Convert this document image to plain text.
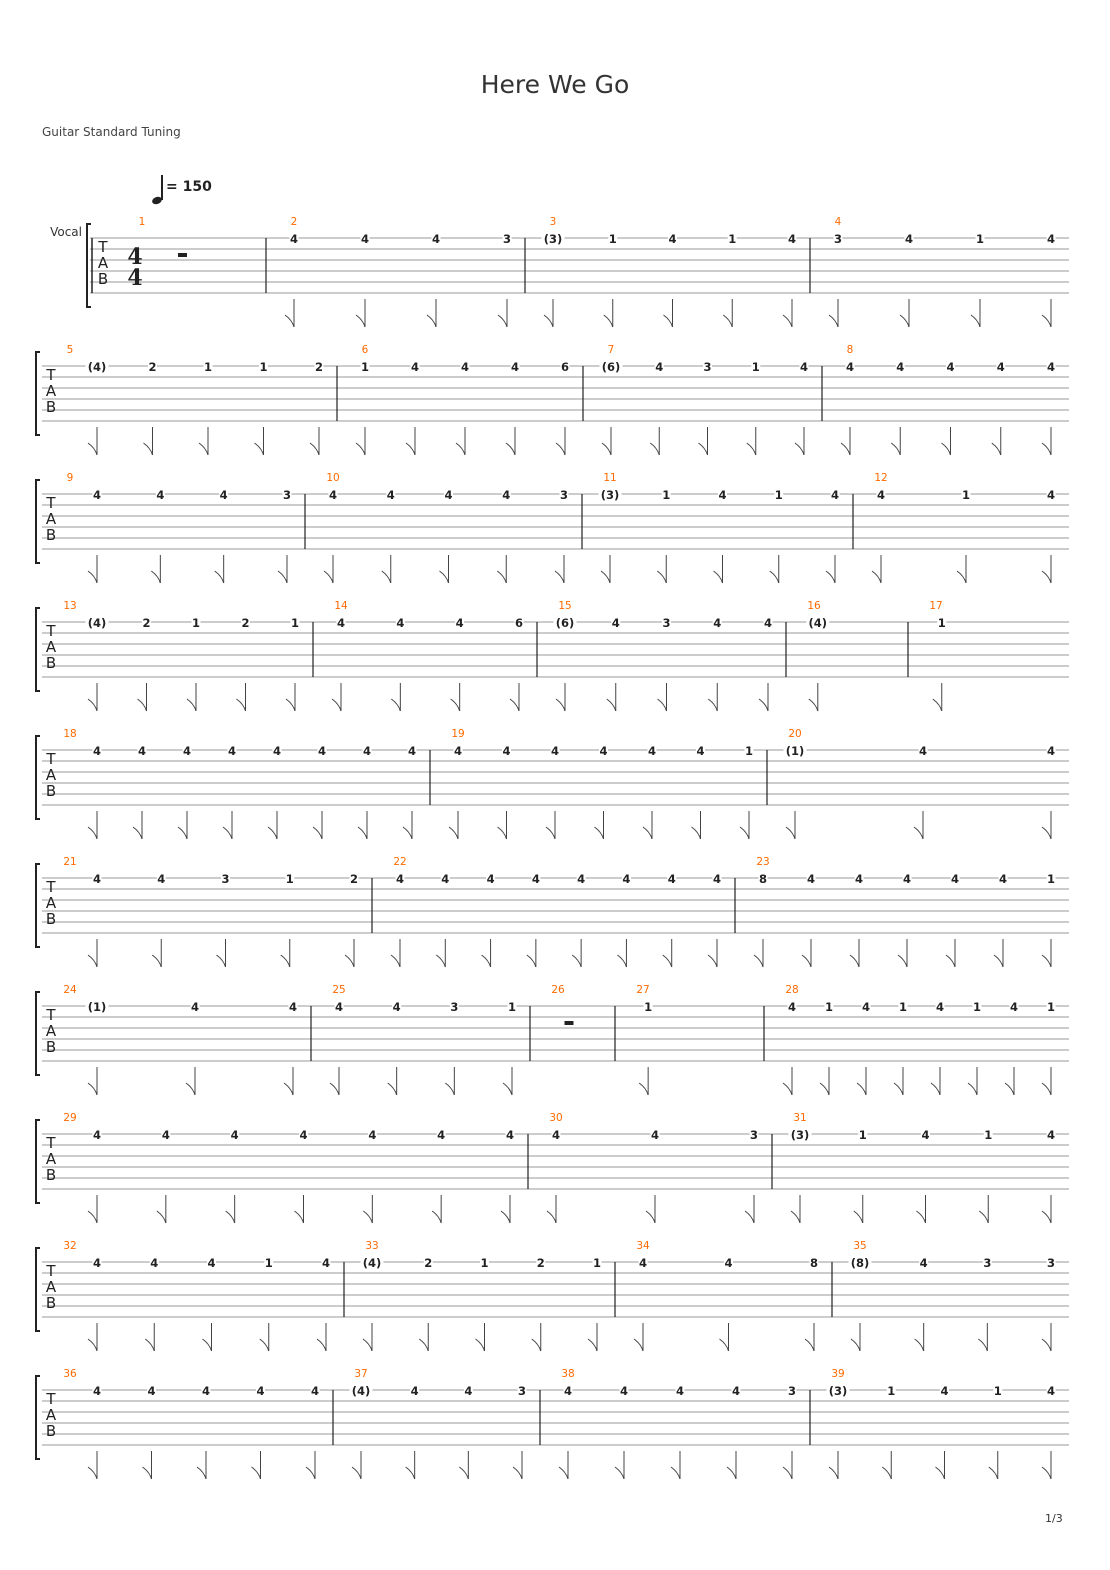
Here We Go
Guitar Standard Tuning
= 150
1/3
T
A
B
Vocal
4
4
1	2
4	4	4	3
3
(3)	1	4	1	4
4
3	4	1	4
T
A
B
5
(4)	2	1	1	2
6
1	4	4	4	6
7
(6)	4	3	1	4
8
4	4	4	4	4
T
A
B
9
4	4	4	3
10
4	4	4	4	3
11
(3)	1	4	1	4
12
4	1	4
T
A
B
13
(4)	2	1	2	1
14
4	4	4	6
15
(6)	4	3	4	4
16
(4)
17
1
T
A
B
18
4	4	4	4	4	4	4	4
19
4	4	4	4	4	4	1
20
(1)	4	4
T
A
B
21
4	4	3	1	2
22
4	4	4	4	4	4	4	4
23
8	4	4	4	4	4	1
T
A
B
24
(1)	4	4
25
4	4	3	1
26	27
1
28
4	1	4	1	4	1	4	1
T
A
B
29
4	4	4	4	4	4	4
30
4	4	3
31
(3)	1	4	1	4
T
A
B
32
4	4	4	1	4
33
(4)	2	1	2	1
34
4	4	8
35
(8)	4	3	3
T
A
B
36
4	4	4	4	4
37
(4)	4	4	3
38
4	4	4	4	3
39
(3)	1	4	1	4
